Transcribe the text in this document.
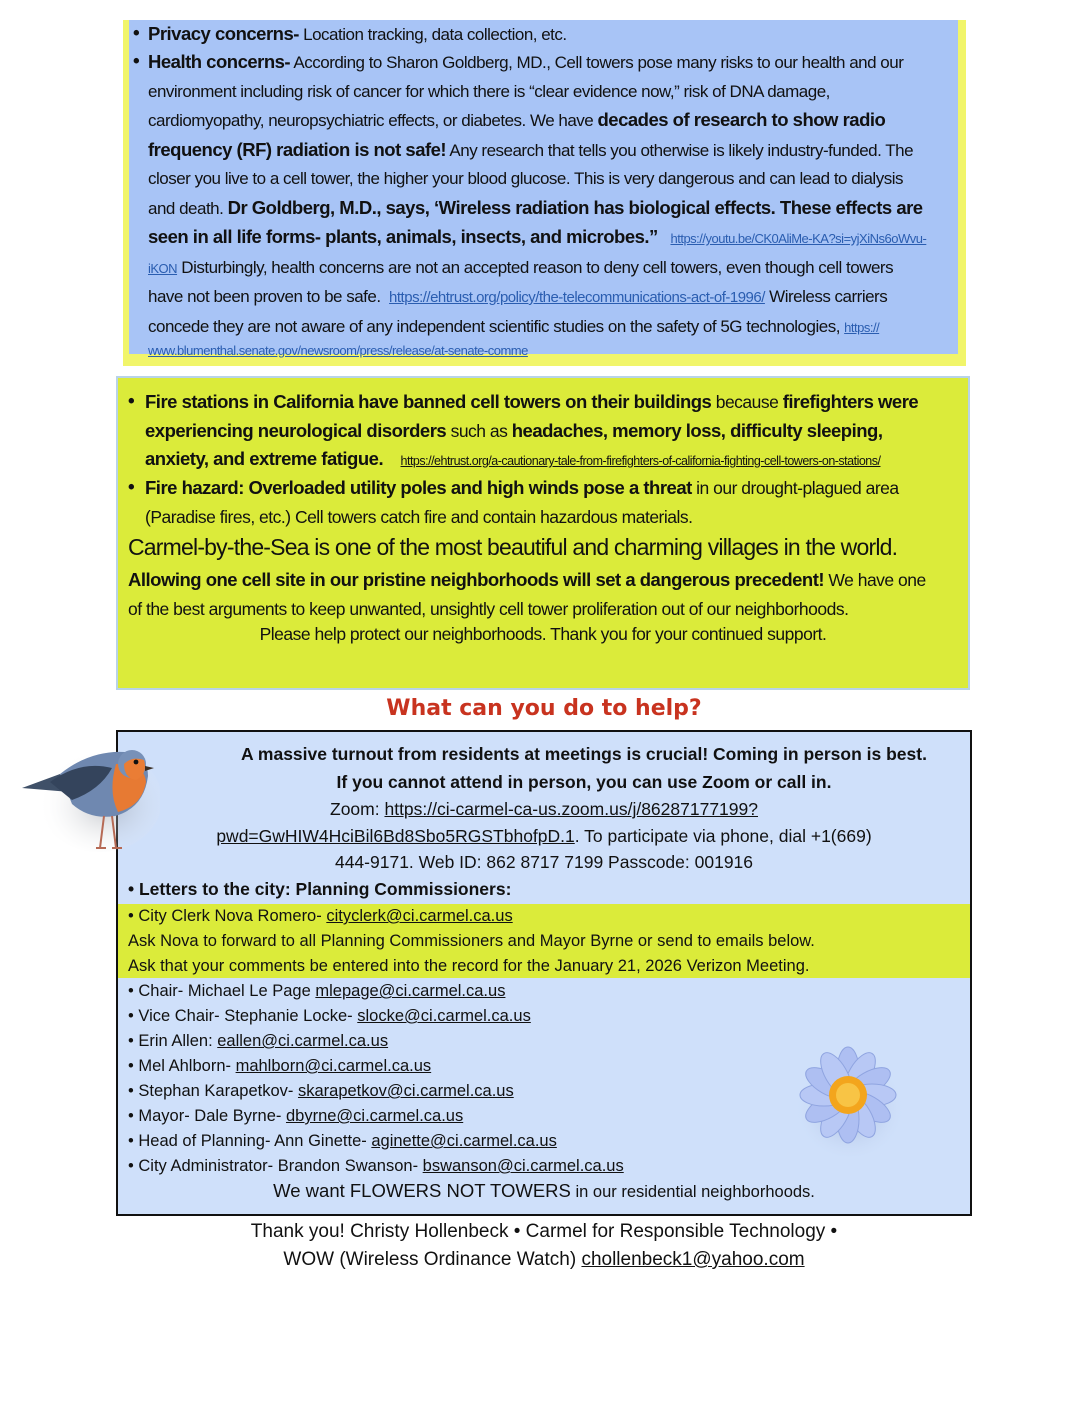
• Privacy concerns- Location tracking, data collection, etc.
• Health concerns- According to Sharon Goldberg, MD., Cell towers pose many risks to our health and our
environment including risk of cancer for which there is “clear evidence now,” risk of DNA damage,
cardiomyopathy, neuropsychiatric effects, or diabetes. We have decades of research to show radio
frequency (RF) radiation is not safe! Any research that tells you otherwise is likely industry-funded. The
closer you live to a cell tower, the higher your blood glucose. This is very dangerous and can lead to dialysis
and death. Dr Goldberg, M.D., says, ‘Wireless radiation has biological effects. These effects are
seen in all life forms- plants, animals, insects, and microbes.” https://youtu.be/CK0AliMe-KA?si=yjXiNs6oWvu-
iKON Disturbingly, health concerns are not an accepted reason to deny cell towers, even though cell towers
have not been proven to be safe.  https://ehtrust.org/policy/the-telecommunications-act-of-1996/ Wireless carriers
concede they are not aware of any independent scientific studies on the safety of 5G technologies, https://
$^{www.blumenthal.senate.gov/newsroom/press/release/at-senate-comme}$
• Fire stations in California have banned cell towers on their buildings because firefighters were
experiencing neurological disorders such as headaches, memory loss, difficulty sleeping,
anxiety, and extreme fatigue. https://ehtrust.org/a-cautionary-tale-from-firefighters-of-california-fighting-cell-towers-on-stations/
• Fire hazard: Overloaded utility poles and high winds pose a threat in our drought-plagued area
(Paradise fires, etc.) Cell towers catch fire and contain hazardous materials.
Carmel-by-the-Sea is one of the most beautiful and charming villages in the world.
Allowing one cell site in our pristine neighborhoods will set a dangerous precedent! We have one
of the best arguments to keep unwanted, unsightly cell tower proliferation out of our neighborhoods.
Please help protect our neighborhoods. Thank you for your continued support.
What can you do to help?
A massive turnout from residents at meetings is crucial! Coming in person is best.
If you cannot attend in person, you can use Zoom or call in.
Zoom: https://ci-carmel-ca-us.zoom.us/j/86287177199?
pwd=GwHIW4HciBil6Bd8Sbo5RGSTbhofpD.1. To participate via phone, dial +1(669)
444-9171. Web ID: 862 8717 7199 Passcode: 001916
• Letters to the city: Planning Commissioners:
• City Clerk Nova Romero- cityclerk@ci.carmel.ca.us
Ask Nova to forward to all Planning Commissioners and Mayor Byrne or send to emails below.
Ask that your comments be entered into the record for the January 21, 2026 Verizon Meeting.
• Chair- Michael Le Page mlepage@ci.carmel.ca.us
• Vice Chair- Stephanie Locke- slocke@ci.carmel.ca.us
• Erin Allen: eallen@ci.carmel.ca.us
• Mel Ahlborn- mahlborn@ci.carmel.ca.us
• Stephan Karapetkov- skarapetkov@ci.carmel.ca.us
• Mayor- Dale Byrne- dbyrne@ci.carmel.ca.us
• Head of Planning- Ann Ginette- aginette@ci.carmel.ca.us
• City Administrator- Brandon Swanson- bswanson@ci.carmel.ca.us
We want FLOWERS NOT TOWERS in our residential neighborhoods.
Thank you! Christy Hollenbeck • Carmel for Responsible Technology •
WOW (Wireless Ordinance Watch) chollenbeck1@yahoo.com
